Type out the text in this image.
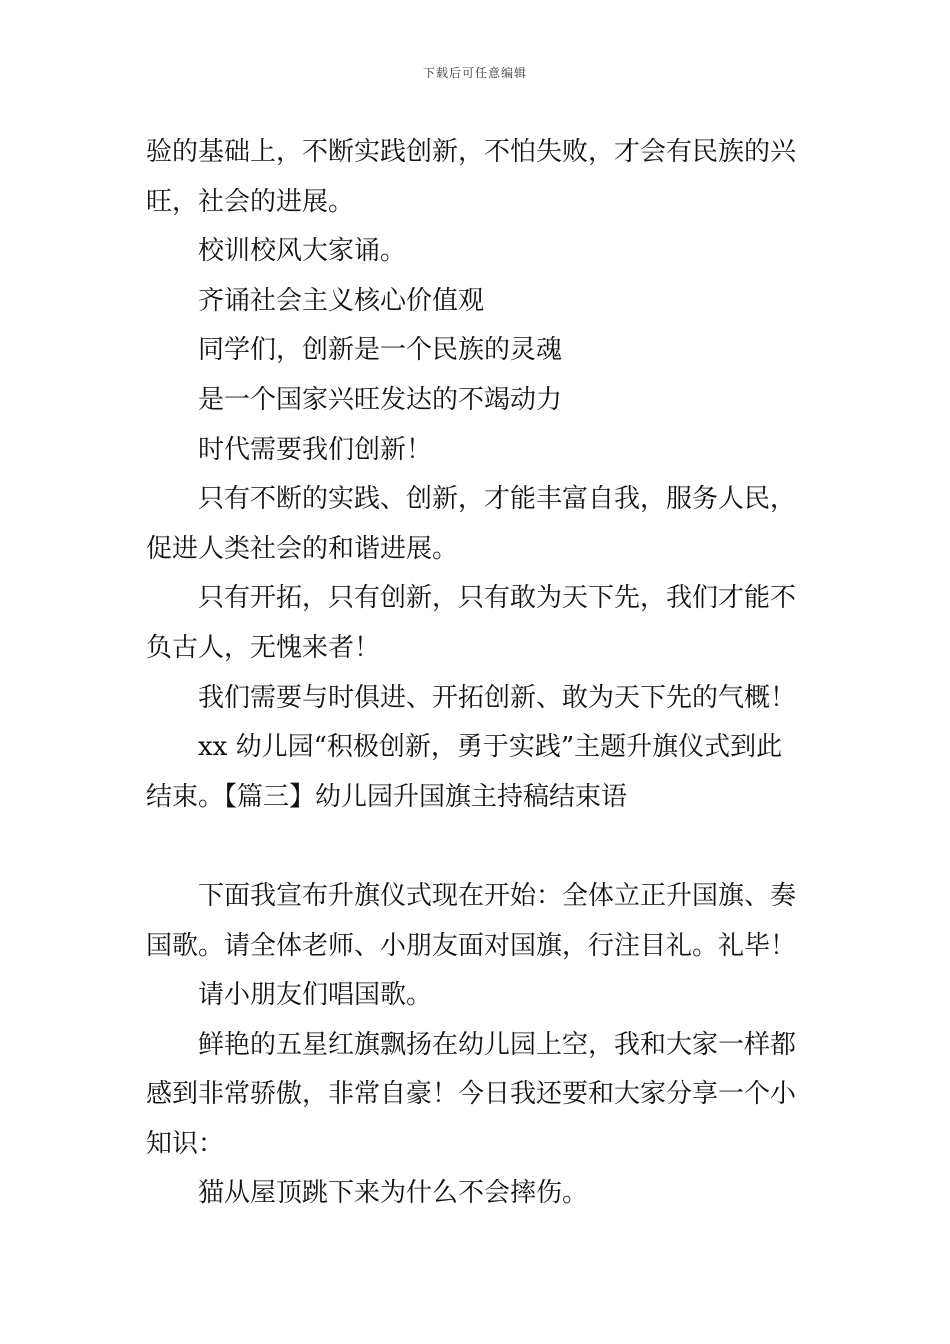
下载后可任意编辑
验的基础上，不断实践创新，不怕失败，才会有民族的兴
旺，社会的进展。
校训校风大家诵。
齐诵社会主义核心价值观
同学们，创新是一个民族的灵魂
是一个国家兴旺发达的不竭动力
时代需要我们创新！
只有不断的实践、创新，才能丰富自我，服务人民，
促进人类社会的和谐进展。
只有开拓，只有创新，只有敢为天下先，我们才能不
负古人，无愧来者！
我们需要与时俱进、开拓创新、敢为天下先的气概！
xx 幼儿园“积极创新，勇于实践”主题升旗仪式到此
结束。【篇三】幼儿园升国旗主持稿结束语
下面我宣布升旗仪式现在开始：全体立正升国旗、奏
国歌。请全体老师、小朋友面对国旗，行注目礼。礼毕！
请小朋友们唱国歌。
鲜艳的五星红旗飘扬在幼儿园上空，我和大家一样都
感到非常骄傲，非常自豪！今日我还要和大家分享一个小
知识：
猫从屋顶跳下来为什么不会摔伤。
